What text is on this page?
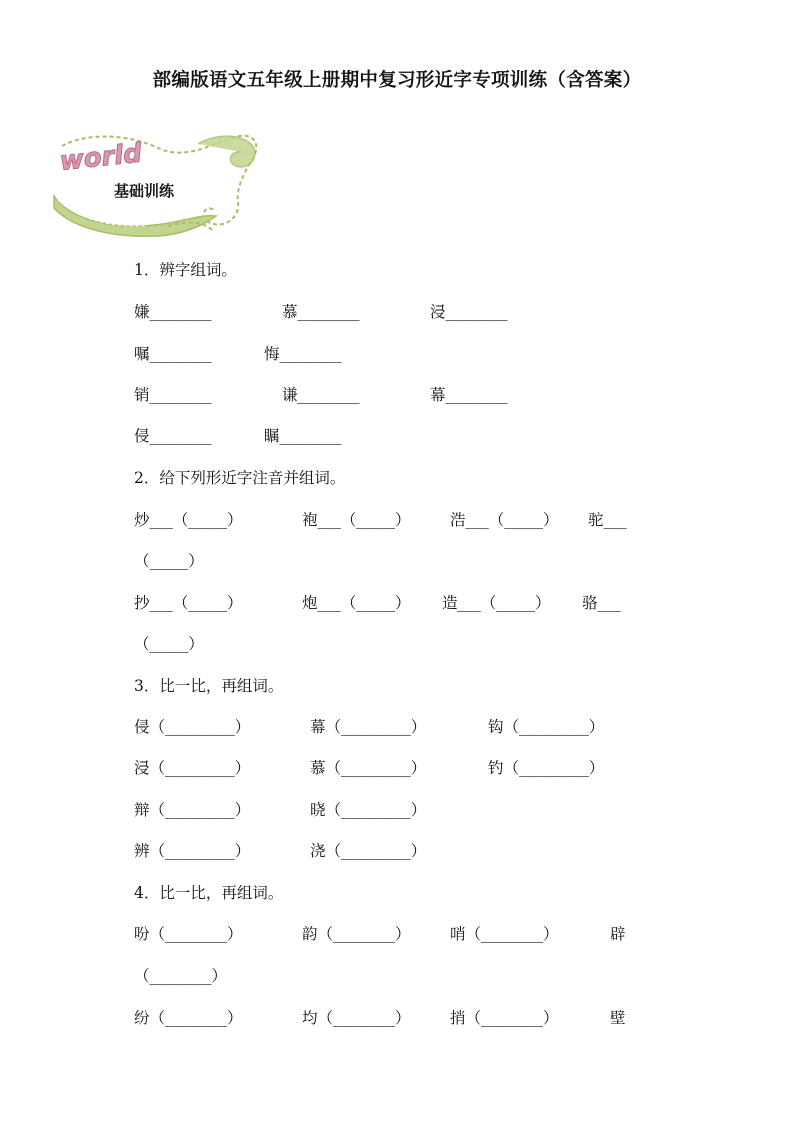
部编版语文五年级上册期中复习形近字专项训练（含答案）
world
基础训练
1．辨字组词。
嫌________	慕________	浸________
嘱________	悔________
销________	谦________	幕________
侵________	瞩________
2．给下列形近字注音并组词。
炒___（_____）	袍___（_____）	浩___（_____） 驼___
（_____）
抄___（_____）	炮___（_____） 造___（_____） 骆___
（_____）
3．比一比，再组词。
侵（_________）	幕（_________）	钩（_________）
浸（_________）	慕（_________）	钓（_________）
辩（_________）	晓（_________）
辨（_________）	浇（_________）
4．比一比，再组词。
吩（________）	韵（________）	哨（________）	辟
（________）
纷（________）	均（________）	捎（________）	壁
